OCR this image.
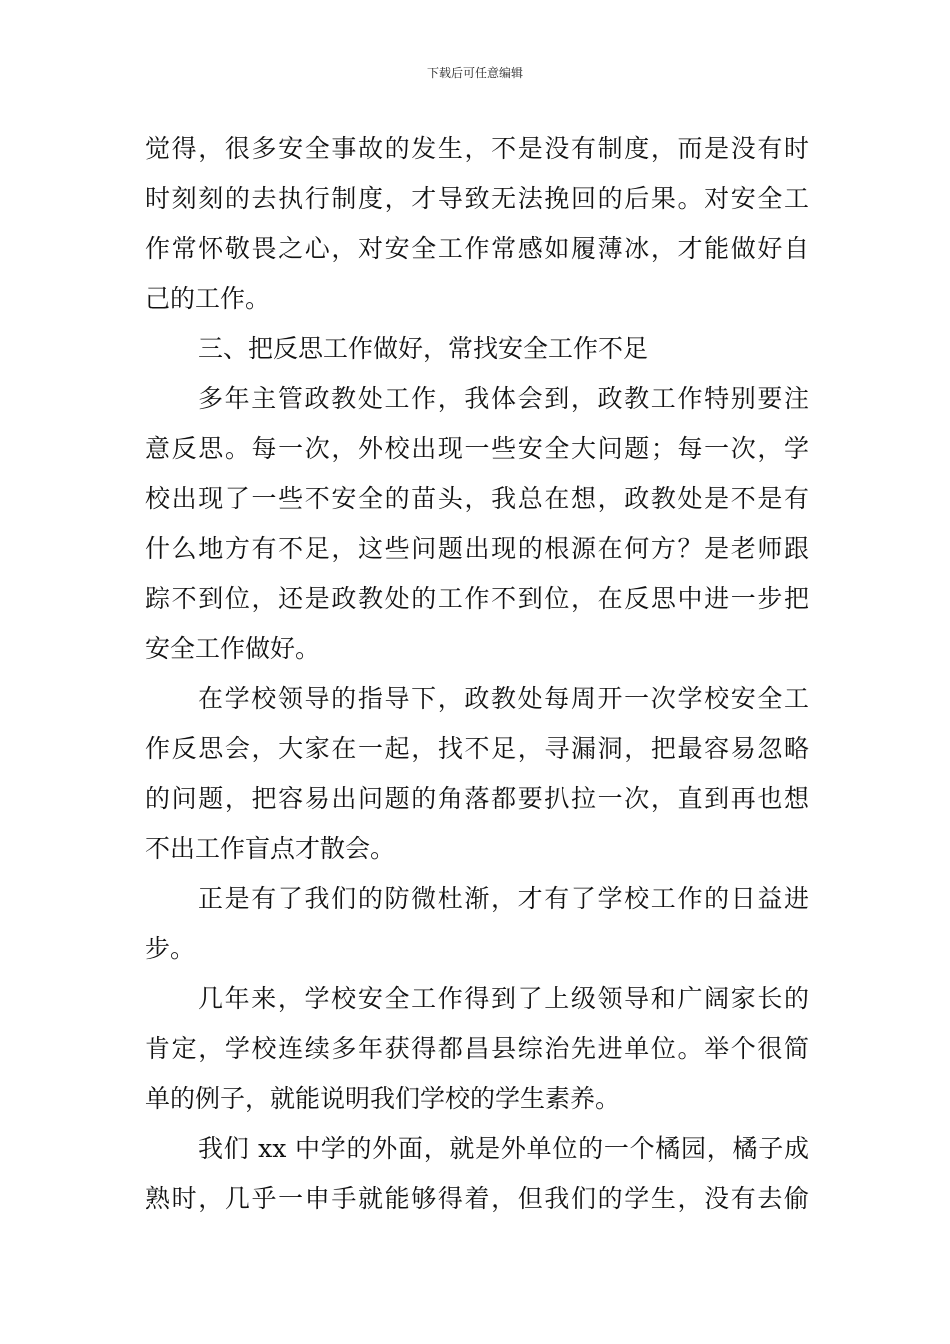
下载后可任意编辑
觉得，很多安全事故的发生，不是没有制度，而是没有时
时刻刻的去执行制度，才导致无法挽回的后果。对安全工
作常怀敬畏之心，对安全工作常感如履薄冰，才能做好自
己的工作。
三、把反思工作做好，常找安全工作不足
多年主管政教处工作，我体会到，政教工作特别要注
意反思。每一次，外校出现一些安全大问题；每一次，学
校出现了一些不安全的苗头，我总在想，政教处是不是有
什么地方有不足，这些问题出现的根源在何方？是老师跟
踪不到位，还是政教处的工作不到位，在反思中进一步把
安全工作做好。
在学校领导的指导下，政教处每周开一次学校安全工
作反思会，大家在一起，找不足，寻漏洞，把最容易忽略
的问题，把容易出问题的角落都要扒拉一次，直到再也想
不出工作盲点才散会。
正是有了我们的防微杜渐，才有了学校工作的日益进
步。
几年来，学校安全工作得到了上级领导和广阔家长的
肯定，学校连续多年获得都昌县综治先进单位。举个很简
单的例子，就能说明我们学校的学生素养。
我们 xx 中学的外面，就是外单位的一个橘园，橘子成
熟时，几乎一申手就能够得着，但我们的学生，没有去偷
